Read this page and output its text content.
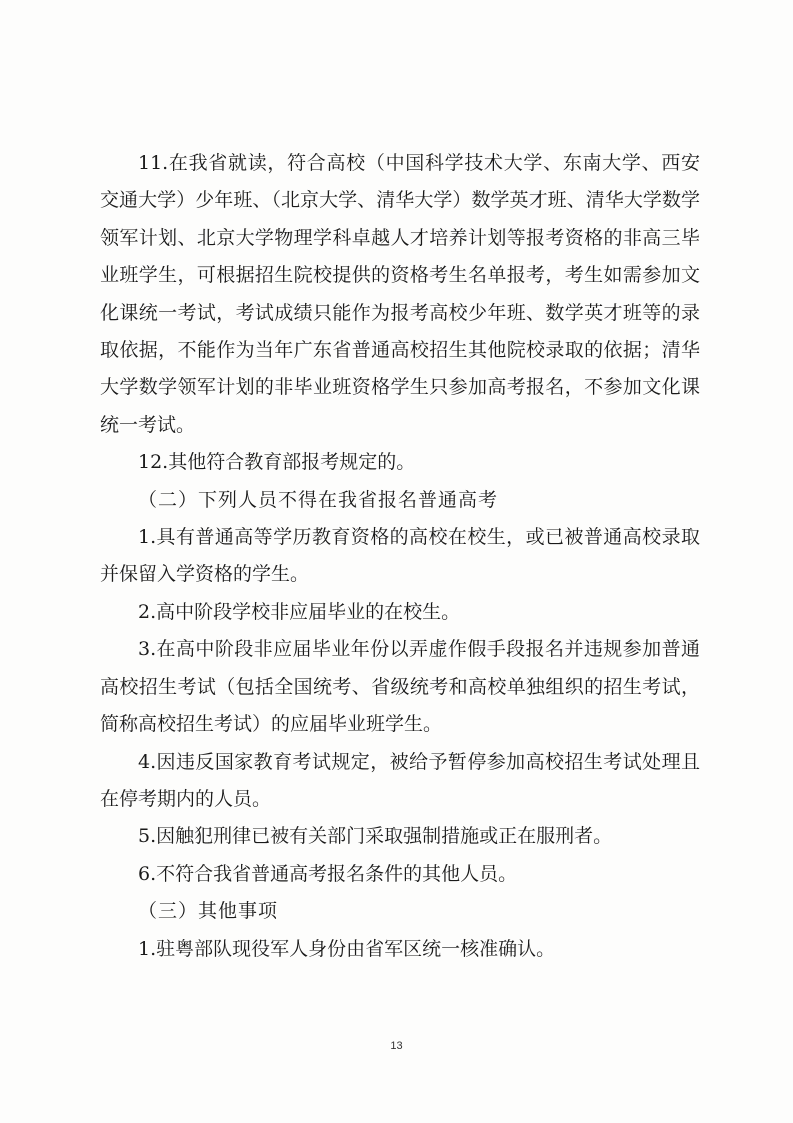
11.在我省就读，符合高校（中国科学技术大学、东南大学、西安交通大学）少年班、（北京大学、清华大学）数学英才班、清华大学数学领军计划、北京大学物理学科卓越人才培养计划等报考资格的非高三毕业班学生，可根据招生院校提供的资格考生名单报考，考生如需参加文化课统一考试，考试成绩只能作为报考高校少年班、数学英才班等的录取依据，不能作为当年广东省普通高校招生其他院校录取的依据；清华大学数学领军计划的非毕业班资格学生只参加高考报名，不参加文化课统一考试。

12.其他符合教育部报考规定的。

（二）下列人员不得在我省报名普通高考

1.具有普通高等学历教育资格的高校在校生，或已被普通高校录取并保留入学资格的学生。

2.高中阶段学校非应届毕业的在校生。

3.在高中阶段非应届毕业年份以弄虚作假手段报名并违规参加普通高校招生考试（包括全国统考、省级统考和高校单独组织的招生考试，简称高校招生考试）的应届毕业班学生。

4.因违反国家教育考试规定，被给予暂停参加高校招生考试处理且在停考期内的人员。

5.因触犯刑律已被有关部门采取强制措施或正在服刑者。

6.不符合我省普通高考报名条件的其他人员。

（三）其他事项

1.驻粤部队现役军人身份由省军区统一核准确认。

13
